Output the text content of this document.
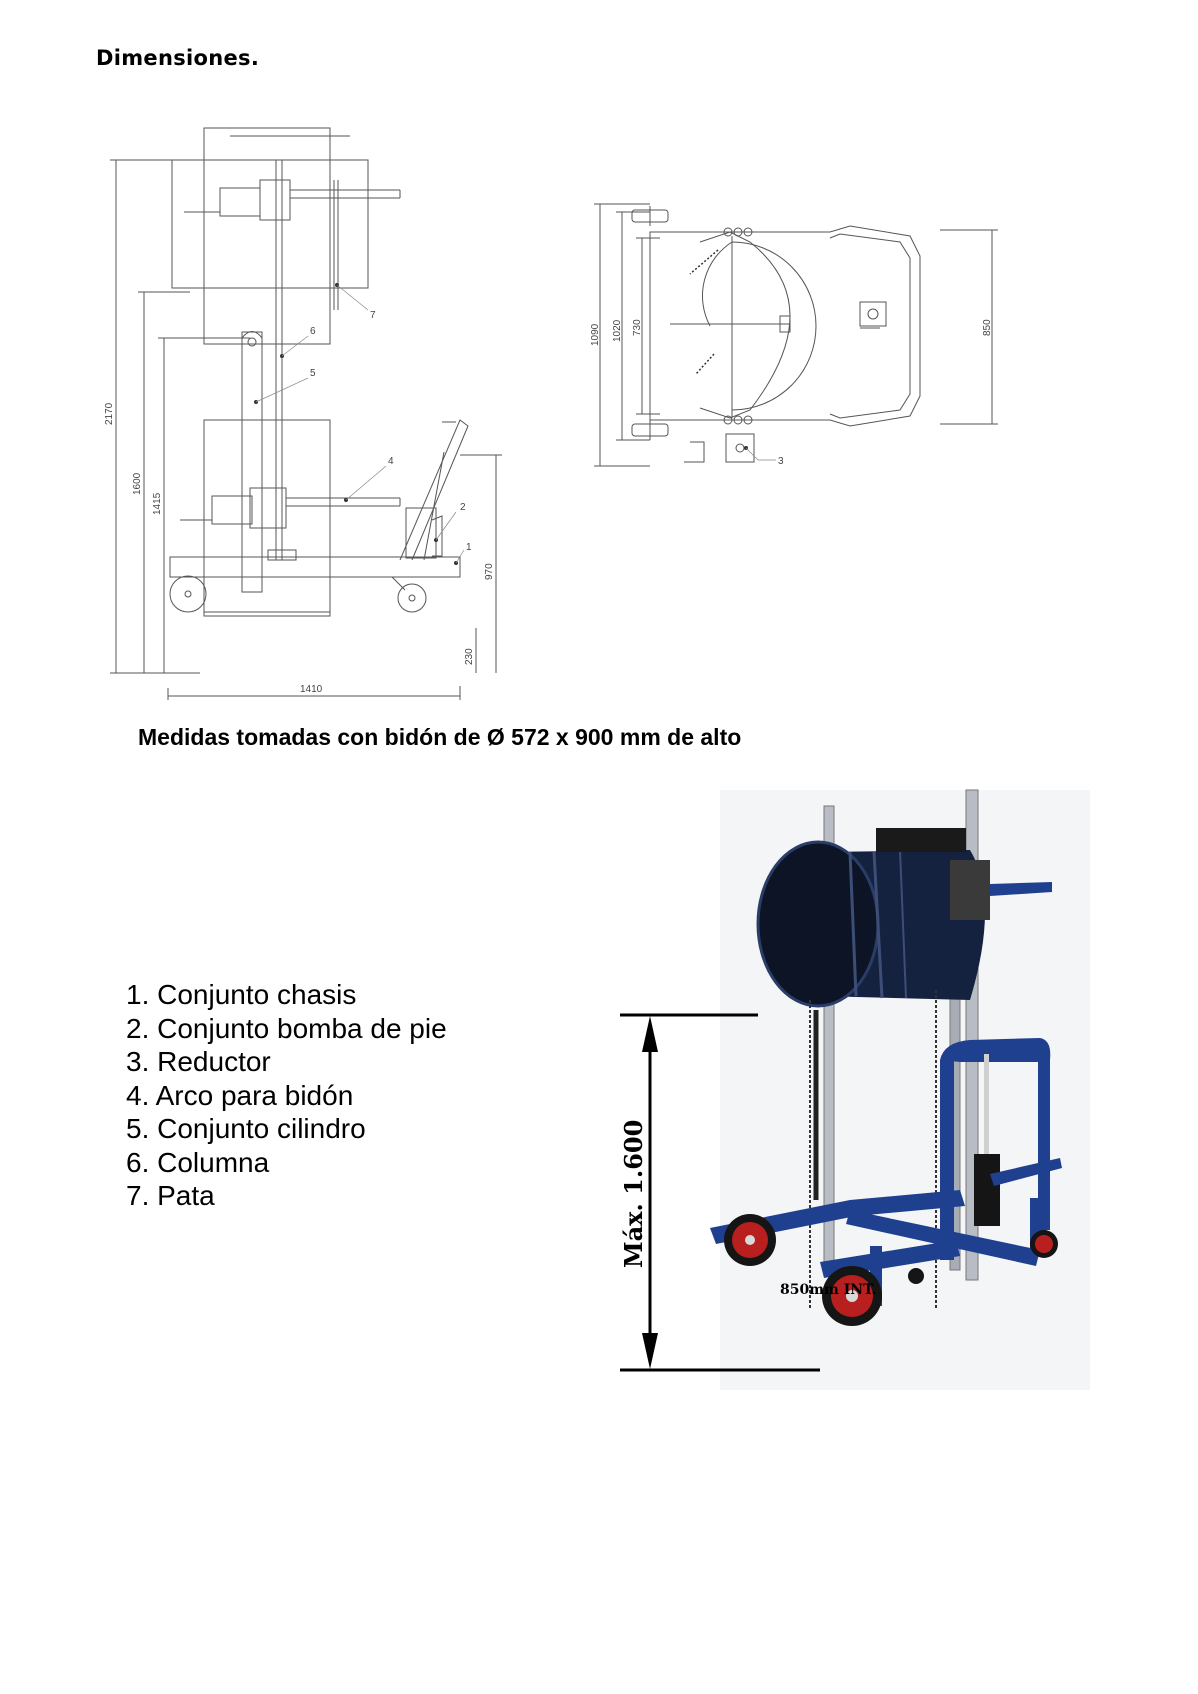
Dimensiones.
2170
1600
1415
970
230
1410
1
2
4
5
6
7
1090 1020 730	850
3
Medidas tomadas con bidón de Ø 572 x 900 mm de alto
1. Conjunto chasis
2. Conjunto bomba de pie
3. Reductor
4. Arco para bidón
5. Conjunto cilindro
6. Columna
7. Pata	Máx. 1.600
850mm INT.
